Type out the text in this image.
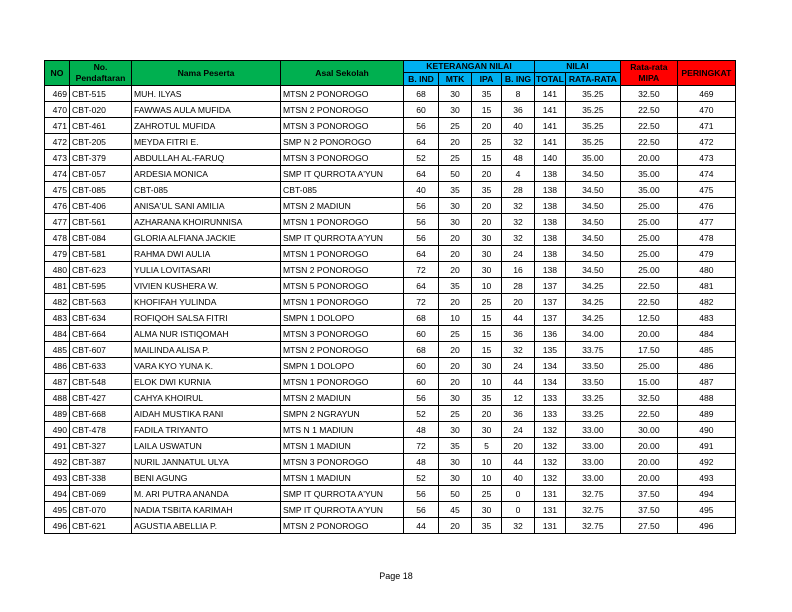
NO	No. Pendaftaran	Nama Peserta	Asal Sekolah	KETERANGAN NILAI				NILAI		Rata-rata MIPA	PERINGKAT
				B. IND	MTK	IPA	B. ING	TOTAL	RATA-RATA		
469	CBT-515	MUH. ILYAS	MTSN 2 PONOROGO	68	30	35	8	141	35.25	32.50	469
470	CBT-020	FAWWAS AULA MUFIDA	MTSN 2 PONOROGO	60	30	15	36	141	35.25	22.50	470
471	CBT-461	ZAHROTUL MUFIDA	MTSN 3 PONOROGO	56	25	20	40	141	35.25	22.50	471
472	CBT-205	MEYDA FITRI E.	SMP N 2 PONOROGO	64	20	25	32	141	35.25	22.50	472
473	CBT-379	ABDULLAH AL-FARUQ	MTSN 3 PONOROGO	52	25	15	48	140	35.00	20.00	473
474	CBT-057	ARDESIA MONICA	SMP IT QURROTA A'YUN	64	50	20	4	138	34.50	35.00	474
475	CBT-085	CBT-085	CBT-085	40	35	35	28	138	34.50	35.00	475
476	CBT-406	ANISA'UL SANI AMILIA	MTSN 2 MADIUN	56	30	20	32	138	34.50	25.00	476
477	CBT-561	AZHARANA KHOIRUNNISA	MTSN 1 PONOROGO	56	30	20	32	138	34.50	25.00	477
478	CBT-084	GLORIA ALFIANA JACKIE	SMP IT QURROTA A'YUN	56	20	30	32	138	34.50	25.00	478
479	CBT-581	RAHMA DWI AULIA	MTSN 1 PONOROGO	64	20	30	24	138	34.50	25.00	479
480	CBT-623	YULIA LOVITASARI	MTSN 2 PONOROGO	72	20	30	16	138	34.50	25.00	480
481	CBT-595	VIVIEN KUSHERA W.	MTSN 5 PONOROGO	64	35	10	28	137	34.25	22.50	481
482	CBT-563	KHOFIFAH YULINDA	MTSN 1 PONOROGO	72	20	25	20	137	34.25	22.50	482
483	CBT-634	ROFIQOH SALSA FITRI	SMPN 1 DOLOPO	68	10	15	44	137	34.25	12.50	483
484	CBT-664	ALMA NUR ISTIQOMAH	MTSN 3 PONOROGO	60	25	15	36	136	34.00	20.00	484
485	CBT-607	MAILINDA ALISA P.	MTSN 2 PONOROGO	68	20	15	32	135	33.75	17.50	485
486	CBT-633	VARA KYO YUNA K.	SMPN 1 DOLOPO	60	20	30	24	134	33.50	25.00	486
487	CBT-548	ELOK DWI KURNIA	MTSN 1 PONOROGO	60	20	10	44	134	33.50	15.00	487
488	CBT-427	CAHYA KHOIRUL	MTSN 2 MADIUN	56	30	35	12	133	33.25	32.50	488
489	CBT-668	AIDAH MUSTIKA RANI	SMPN 2 NGRAYUN	52	25	20	36	133	33.25	22.50	489
490	CBT-478	FADILA TRIYANTO	MTS N 1 MADIUN	48	30	30	24	132	33.00	30.00	490
491	CBT-327	LAILA USWATUN	MTSN 1 MADIUN	72	35	5	20	132	33.00	20.00	491
492	CBT-387	NURIL JANNATUL ULYA	MTSN 3 PONOROGO	48	30	10	44	132	33.00	20.00	492
493	CBT-338	BENI AGUNG	MTSN 1 MADIUN	52	30	10	40	132	33.00	20.00	493
494	CBT-069	M. ARI PUTRA ANANDA	SMP IT QURROTA A'YUN	56	50	25	0	131	32.75	37.50	494
495	CBT-070	NADIA TSBITA KARIMAH	SMP IT QURROTA A'YUN	56	45	30	0	131	32.75	37.50	495
496	CBT-621	AGUSTIA ABELLIA P.	MTSN 2 PONOROGO	44	20	35	32	131	32.75	27.50	496
Page 18
